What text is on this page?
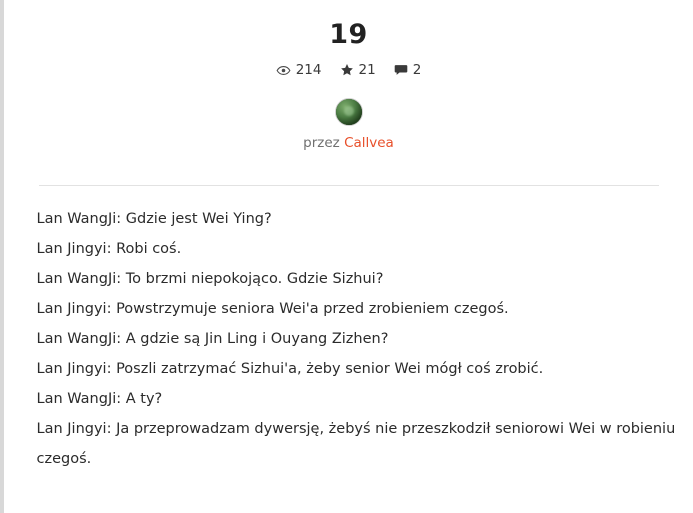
19
214	21	2
przez Callvea

Lan WangJi: Gdzie jest Wei Ying?

Lan Jingyi: Robi coś.

Lan WangJi: To brzmi niepokojąco. Gdzie Sizhui?

Lan Jingyi: Powstrzymuje seniora Wei'a przed zrobieniem czegoś.

Lan WangJi: A gdzie są Jin Ling i Ouyang Zizhen?

Lan Jingyi: Poszli zatrzymać Sizhui'a, żeby senior Wei mógł coś zrobić.

Lan WangJi: A ty?

Lan Jingyi: Ja przeprowadzam dywersję, żebyś nie przeszkodził seniorowi Wei w robieniu czegoś.
